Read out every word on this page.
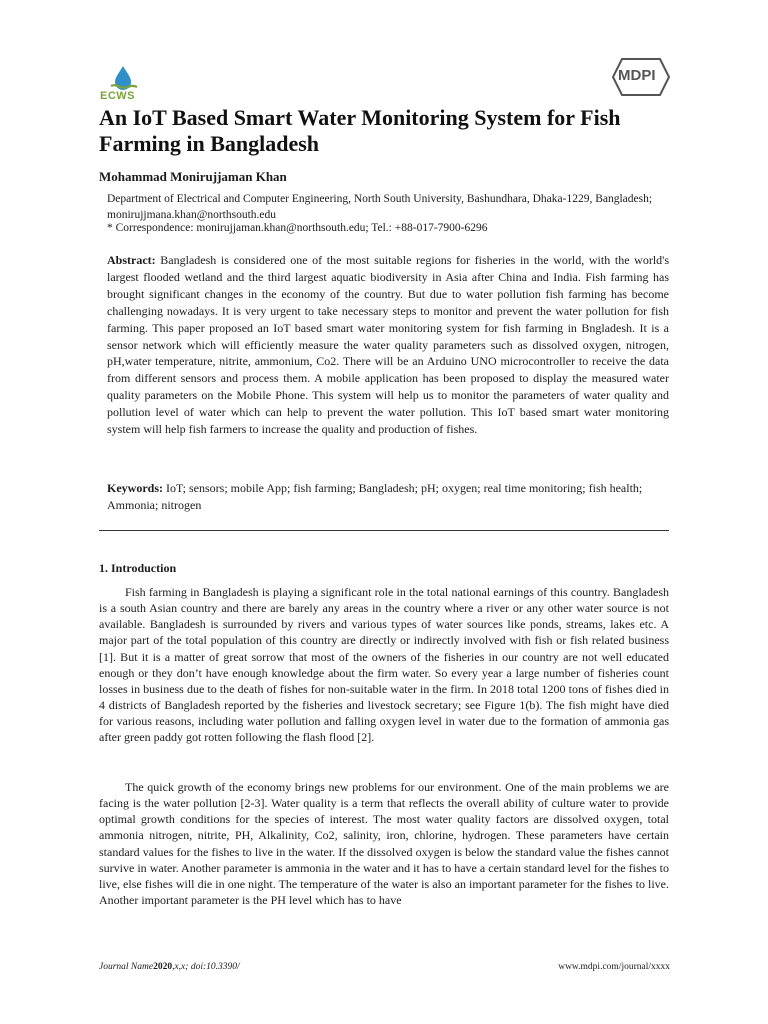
ECWS
MDPI
An IoT Based Smart Water Monitoring System for Fish Farming in Bangladesh
Mohammad Monirujjaman Khan
Department of Electrical and Computer Engineering, North South University, Bashundhara, Dhaka-1229, Bangladesh; monirujjmana.khan@northsouth.edu
* Correspondence: monirujjaman.khan@northsouth.edu; Tel.: +88-017-7900-6296

Abstract: Bangladesh is considered one of the most suitable regions for fisheries in the world, with the world's largest flooded wetland and the third largest aquatic biodiversity in Asia after China and India. Fish farming has brought significant changes in the economy of the country. But due to water pollution fish farming has become challenging nowadays. It is very urgent to take necessary steps to monitor and prevent the water pollution for fish farming. This paper proposed an IoT based smart water monitoring system for fish farming in Bngladesh. It is a sensor network which will efficiently measure the water quality parameters such as dissolved oxygen, nitrogen, pH,water temperature, nitrite, ammonium, Co2. There will be an Arduino UNO microcontroller to receive the data from different sensors and process them. A mobile application has been proposed to display the measured water quality parameters on the Mobile Phone. This system will help us to monitor the parameters of water quality and pollution level of water which can help to prevent the water pollution. This IoT based smart water monitoring system will help fish farmers to increase the quality and production of fishes.

Keywords: IoT; sensors; mobile App; fish farming; Bangladesh; pH; oxygen; real time monitoring; fish health; Ammonia; nitrogen

1. Introduction

Fish farming in Bangladesh is playing a significant role in the total national earnings of this country. Bangladesh is a south Asian country and there are barely any areas in the country where a river or any other water source is not available. Bangladesh is surrounded by rivers and various types of water sources like ponds, streams, lakes etc. A major part of the total population of this country are directly or indirectly involved with fish or fish related business [1]. But it is a matter of great sorrow that most of the owners of the fisheries in our country are not well educated enough or they don’t have enough knowledge about the firm water. So every year a large number of fisheries count losses in business due to the death of fishes for non-suitable water in the firm. In 2018 total 1200 tons of fishes died in 4 districts of Bangladesh reported by the fisheries and livestock secretary; see Figure 1(b). The fish might have died for various reasons, including water pollution and falling oxygen level in water due to the formation of ammonia gas after green paddy got rotten following the flash flood [2].

The quick growth of the economy brings new problems for our environment. One of the main problems we are facing is the water pollution [2-3]. Water quality is a term that reflects the overall ability of culture water to provide optimal growth conditions for the species of interest. The most water quality factors are dissolved oxygen, total ammonia nitrogen, nitrite, PH, Alkalinity, Co2, salinity, iron, chlorine, hydrogen. These parameters have certain standard values for the fishes to live in the water. If the dissolved oxygen is below the standard value the fishes cannot survive in water. Another parameter is ammonia in the water and it has to have a certain standard level for the fishes to live, else fishes will die in one night. The temperature of the water is also an important parameter for the fishes to live. Another important parameter is the PH level which has to have

Journal Name2020,x,x; doi:10.3390/	www.mdpi.com/journal/xxxx
